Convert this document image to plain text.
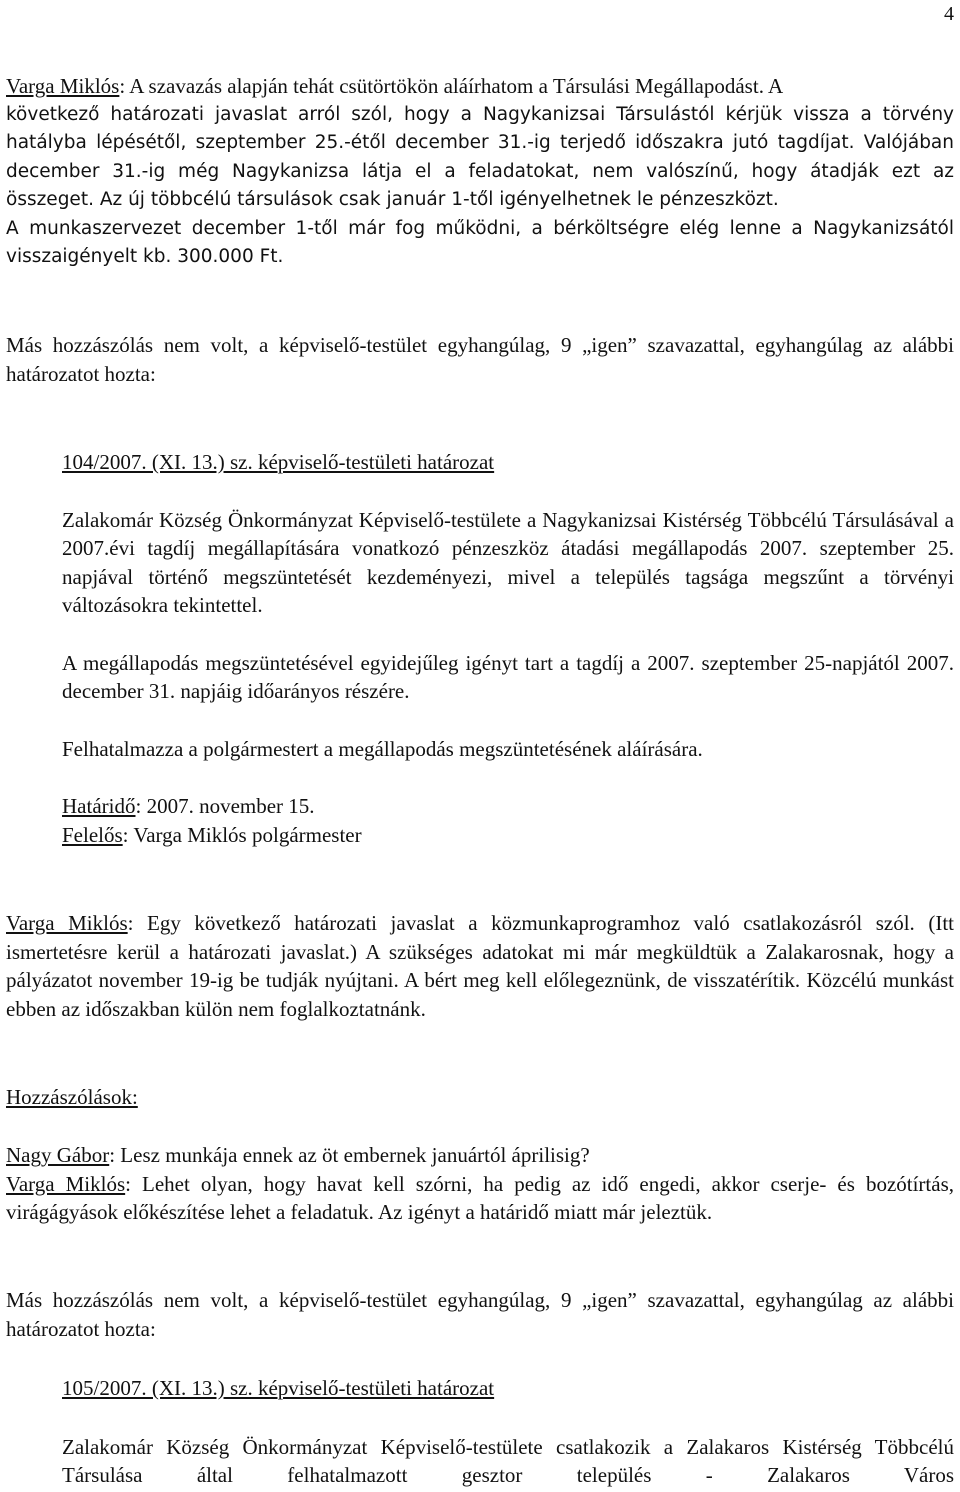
4

Varga Miklós: A szavazás alapján tehát csütörtökön aláírhatom a Társulási Megállapodást. A

következő határozati javaslat arról szól, hogy a Nagykanizsai Társulástól kérjük vissza a törvény hatályba lépésétől, szeptember 25.-étől december 31.-ig terjedő időszakra jutó tagdíjat. Valójában december 31.-ig még Nagykanizsa látja el a feladatokat, nem valószínű, hogy átadják ezt az összeget. Az új többcélú társulások csak január 1-től igényelhetnek le pénzeszközt.

A munkaszervezet december 1-től már fog működni, a bérköltségre elég lenne a Nagykanizsától visszaigényelt kb. 300.000 Ft.

Más hozzászólás nem volt, a képviselő-testület egyhangúlag, 9 „igen” szavazattal, egyhangúlag az alábbi határozatot hozta:

104/2007. (XI. 13.) sz. képviselő-testületi határozat

Zalakomár Község Önkormányzat Képviselő-testülete a Nagykanizsai Kistérség Többcélú Társulásával a 2007.évi tagdíj megállapítására vonatkozó pénzeszköz átadási megállapodás 2007. szeptember 25. napjával történő megszüntetését kezdeményezi, mivel a település tagsága megszűnt a törvényi változásokra tekintettel.

A megállapodás megszüntetésével egyidejűleg igényt tart a tagdíj a 2007. szeptember 25-napjától 2007. december 31. napjáig időarányos részére.

Felhatalmazza a polgármestert a megállapodás megszüntetésének aláírására.

Határidő: 2007. november 15.

Felelős: Varga Miklós polgármester

Varga Miklós: Egy következő határozati javaslat a közmunkaprogramhoz való csatlakozásról szól. (Itt ismertetésre kerül a határozati javaslat.) A szükséges adatokat mi már megküldtük a Zalakarosnak, hogy a pályázatot november 19-ig be tudják nyújtani. A bért meg kell előlegeznünk, de visszatérítik. Közcélú munkást ebben az időszakban külön nem foglalkoztatnánk.

Hozzászólások:

Nagy Gábor: Lesz munkája ennek az öt embernek januártól áprilisig?

Varga Miklós: Lehet olyan, hogy havat kell szórni, ha pedig az idő engedi, akkor cserje- és bozótírtás, virágágyások előkészítése lehet a feladatuk. Az igényt a határidő miatt már jeleztük.

Más hozzászólás nem volt, a képviselő-testület egyhangúlag, 9 „igen” szavazattal, egyhangúlag az alábbi határozatot hozta:

105/2007. (XI. 13.) sz. képviselő-testületi határozat

Zalakomár Község Önkormányzat Képviselő-testülete csatlakozik a Zalakaros Kistérség Többcélú Társulása által felhatalmazott gesztor település - Zalakaros Város
